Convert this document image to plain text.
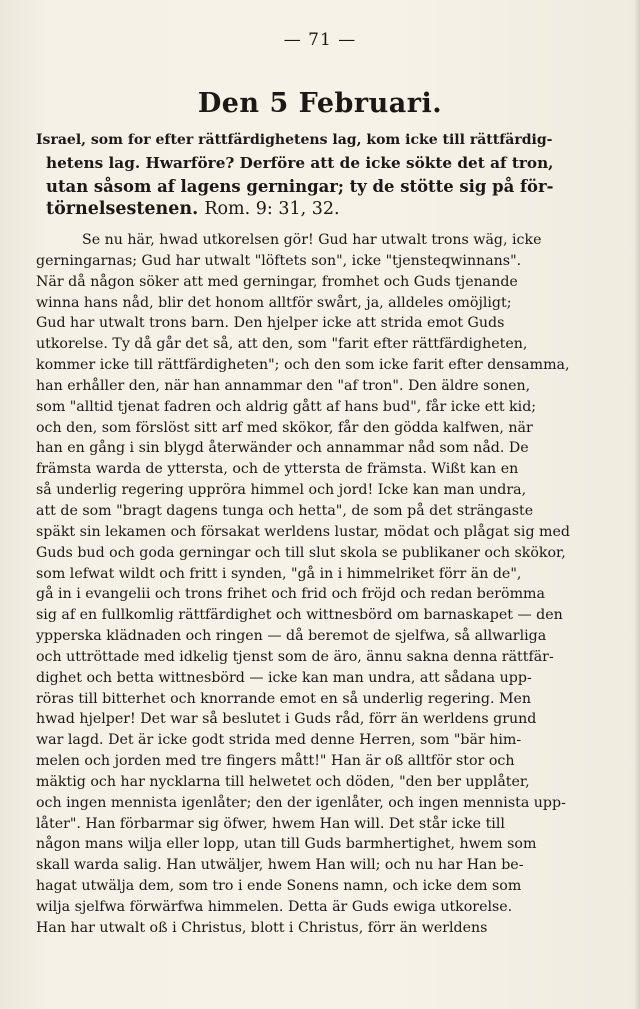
— 71 —
Den 5 Februari.
Israel, som for efter rättfärdighetens lag, kom icke till rättfärdig-
hetens lag. Hwarföre? Derföre att de icke sökte det af tron,
utan såsom af lagens gerningar; ty de stötte sig på för-
törnelsestenen. Rom. 9: 31, 32.
Se nu här, hwad utkorelsen gör! Gud har utwalt trons wäg, icke
gerningarnas; Gud har utwalt "löftets son", icke "tjensteqwinnans".
När då någon söker att med gerningar, fromhet och Guds tjenande
winna hans nåd, blir det honom alltför swårt, ja, alldeles omöjligt;
Gud har utwalt trons barn. Den hjelper icke att strida emot Guds
utkorelse. Ty då går det så, att den, som "farit efter rättfärdigheten,
kommer icke till rättfärdigheten"; och den som icke farit efter densamma,
han erhåller den, när han annammar den "af tron". Den äldre sonen,
som "alltid tjenat fadren och aldrig gått af hans bud", får icke ett kid;
och den, som förslöst sitt arf med skökor, får den gödda kalfwen, när
han en gång i sin blygd återwänder och annammar nåd som nåd. De
främsta warda de yttersta, och de yttersta de främsta. Wißt kan en
så underlig regering uppröra himmel och jord! Icke kan man undra,
att de som "bragt dagens tunga och hetta", de som på det strängaste
späkt sin lekamen och försakat werldens lustar, mödat och plågat sig med
Guds bud och goda gerningar och till slut skola se publikaner och skökor,
som lefwat wildt och fritt i synden, "gå in i himmelriket förr än de",
gå in i evangelii och trons frihet och frid och fröjd och redan berömma
sig af en fullkomlig rättfärdighet och wittnesbörd om barnaskapet — den
ypperska klädnaden och ringen — då beremot de sjelfwa, så allwarliga
och uttröttade med idkelig tjenst som de äro, ännu sakna denna rättfär-
dighet och betta wittnesbörd — icke kan man undra, att sådana upp-
röras till bitterhet och knorrande emot en så underlig regering. Men
hwad hjelper! Det war så beslutet i Guds råd, förr än werldens grund
war lagd. Det är icke godt strida med denne Herren, som "bär him-
melen och jorden med tre fingers mått!" Han är oß alltför stor och
mäktig och har nycklarna till helwetet och döden, "den ber upplåter,
och ingen mennista igenlåter; den der igenlåter, och ingen mennista upp-
låter". Han förbarmar sig öfwer, hwem Han will. Det står icke till
någon mans wilja eller lopp, utan till Guds barmhertighet, hwem som
skall warda salig. Han utwäljer, hwem Han will; och nu har Han be-
hagat utwälja dem, som tro i ende Sonens namn, och icke dem som
wilja sjelfwa förwärfwa himmelen. Detta är Guds ewiga utkorelse.
Han har utwalt oß i Christus, blott i Christus, förr än werldens
